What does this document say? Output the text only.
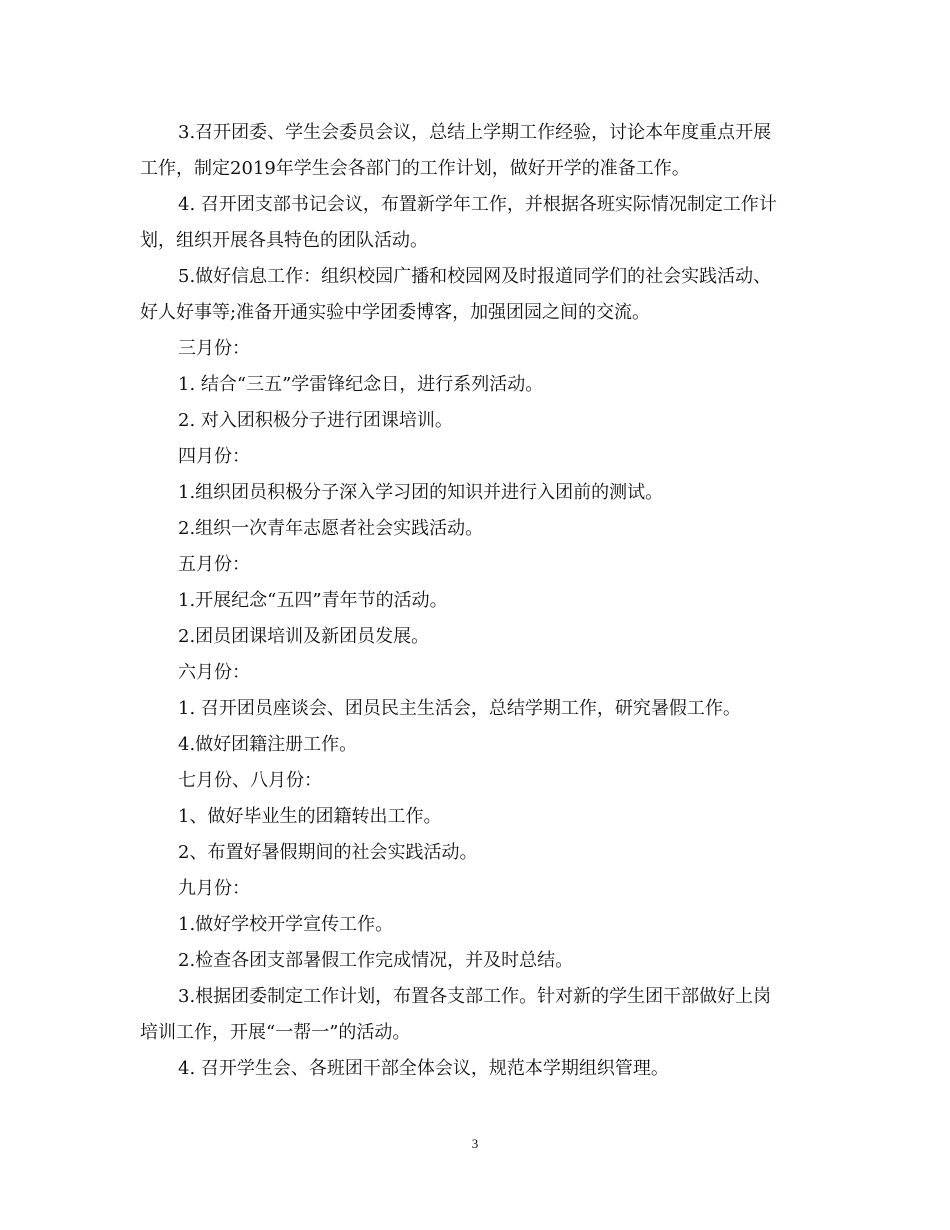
3.召开团委、学生会委员会议，总结上学期工作经验，讨论本年度重点开展
工作，制定2019年学生会各部门的工作计划，做好开学的准备工作。
4. 召开团支部书记会议，布置新学年工作，并根据各班实际情况制定工作计
划，组织开展各具特色的团队活动。
5.做好信息工作：组织校园广播和校园网及时报道同学们的社会实践活动、
好人好事等;准备开通实验中学团委博客，加强团园之间的交流。
三月份：
1. 结合“三五”学雷锋纪念日，进行系列活动。
2. 对入团积极分子进行团课培训。
四月份：
1.组织团员积极分子深入学习团的知识并进行入团前的测试。
2.组织一次青年志愿者社会实践活动。
五月份：
1.开展纪念“五四”青年节的活动。
2.团员团课培训及新团员发展。
六月份：
1. 召开团员座谈会、团员民主生活会，总结学期工作，研究暑假工作。
4.做好团籍注册工作。
七月份、八月份：
1、做好毕业生的团籍转出工作。
2、布置好暑假期间的社会实践活动。
九月份：
1.做好学校开学宣传工作。
2.检查各团支部暑假工作完成情况，并及时总结。
3.根据团委制定工作计划，布置各支部工作。针对新的学生团干部做好上岗
培训工作，开展“一帮一”的活动。
4. 召开学生会、各班团干部全体会议，规范本学期组织管理。
3
